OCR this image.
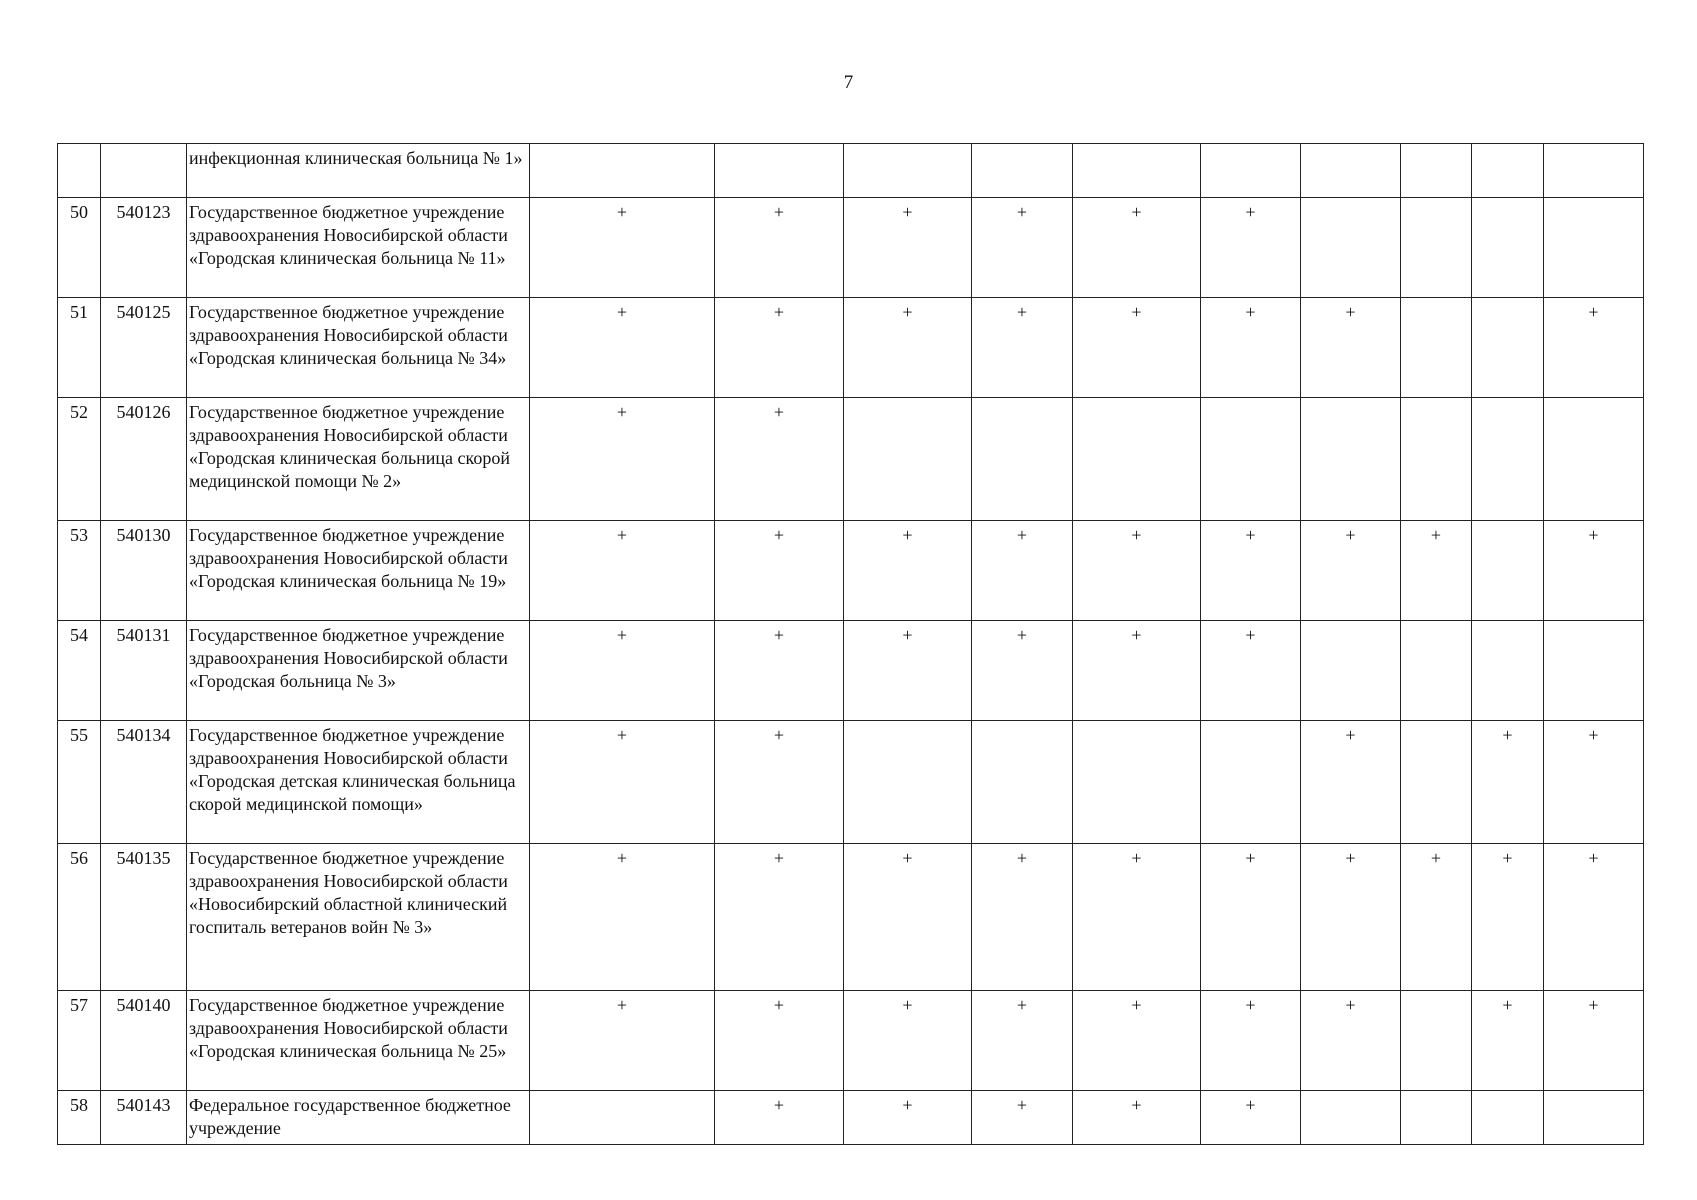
7
		инфекционная клиническая больница № 1»										
50	540123	Государственное бюджетное учреждение здравоохранения Новосибирской области «Городская клиническая больница № 11»	+	+	+	+	+	+				
51	540125	Государственное бюджетное учреждение здравоохранения Новосибирской области «Городская клиническая больница № 34»	+	+	+	+	+	+	+			+
52	540126	Государственное бюджетное учреждение здравоохранения Новосибирской области «Городская клиническая больница скорой медицинской помощи № 2»	+	+								
53	540130	Государственное бюджетное учреждение здравоохранения Новосибирской области «Городская клиническая больница № 19»	+	+	+	+	+	+	+	+		+
54	540131	Государственное бюджетное учреждение здравоохранения Новосибирской области «Городская больница № 3»	+	+	+	+	+	+				
55	540134	Государственное бюджетное учреждение здравоохранения Новосибирской области «Городская детская клиническая больница скорой медицинской помощи»	+	+					+		+	+
56	540135	Государственное бюджетное учреждение здравоохранения Новосибирской области «Новосибирский областной клинический госпиталь ветеранов войн № 3»	+	+	+	+	+	+	+	+	+	+
57	540140	Государственное бюджетное учреждение здравоохранения Новосибирской области «Городская клиническая больница № 25»	+	+	+	+	+	+	+		+	+
58	540143	Федеральное государственное бюджетное учреждение		+	+	+	+	+				
